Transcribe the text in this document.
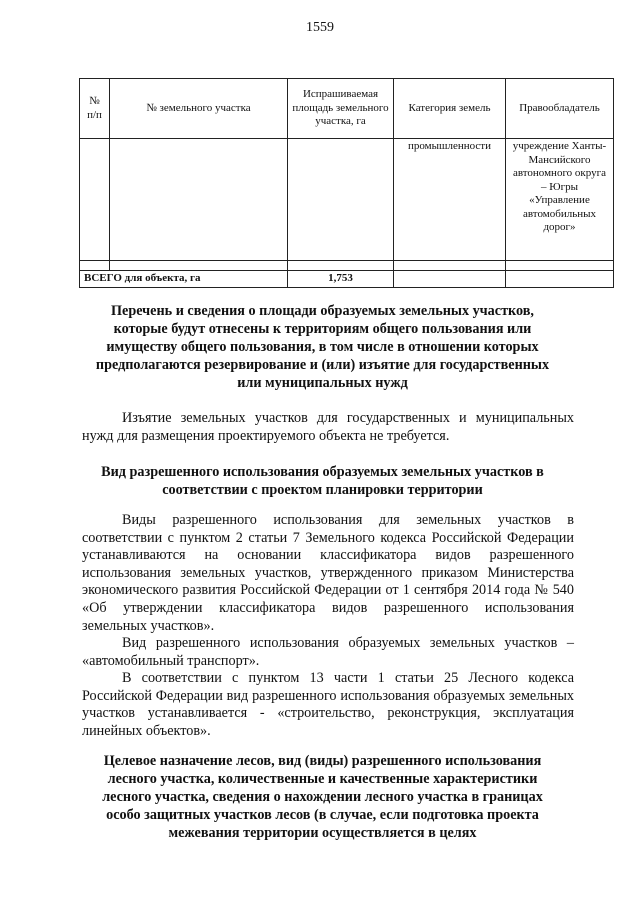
1559
№
п/п	№ земельного участка	Испрашиваемая площадь земельного участка, га	Категория земель	Правообладатель
			промышленности	учреждение Ханты-Мансийского автономного округа – Югры «Управление автомобильных дорог»

ВСЕГО для объекта, га		1,753		
Перечень и сведения о площади образуемых земельных участков, которые будут отнесены к территориям общего пользования или имуществу общего пользования, в том числе в отношении которых предполагаются резервирование и (или) изъятие для государственных или муниципальных нужд
Изъятие земельных участков для государственных и муниципальных нужд для размещения проектируемого объекта не требуется.
Вид разрешенного использования образуемых земельных участков в соответствии с проектом планировки территории
Виды разрешенного использования для земельных участков в соответствии с пунктом 2 статьи 7 Земельного кодекса Российской Федерации устанавливаются на основании классификатора видов разрешенного использования земельных участков, утвержденного приказом Министерства экономического развития Российской Федерации от 1 сентября 2014 года № 540 «Об утверждении классификатора видов разрешенного использования земельных участков».
Вид разрешенного использования образуемых земельных участков – «автомобильный транспорт».
В соответствии с пунктом 13 части 1 статьи 25 Лесного кодекса Российской Федерации вид разрешенного использования образуемых земельных участков устанавливается - «строительство, реконструкция, эксплуатация линейных объектов».
Целевое назначение лесов, вид (виды) разрешенного использования лесного участка, количественные и качественные характеристики лесного участка, сведения о нахождении лесного участка в границах особо защитных участков лесов (в случае, если подготовка проекта межевания территории осуществляется в целях
